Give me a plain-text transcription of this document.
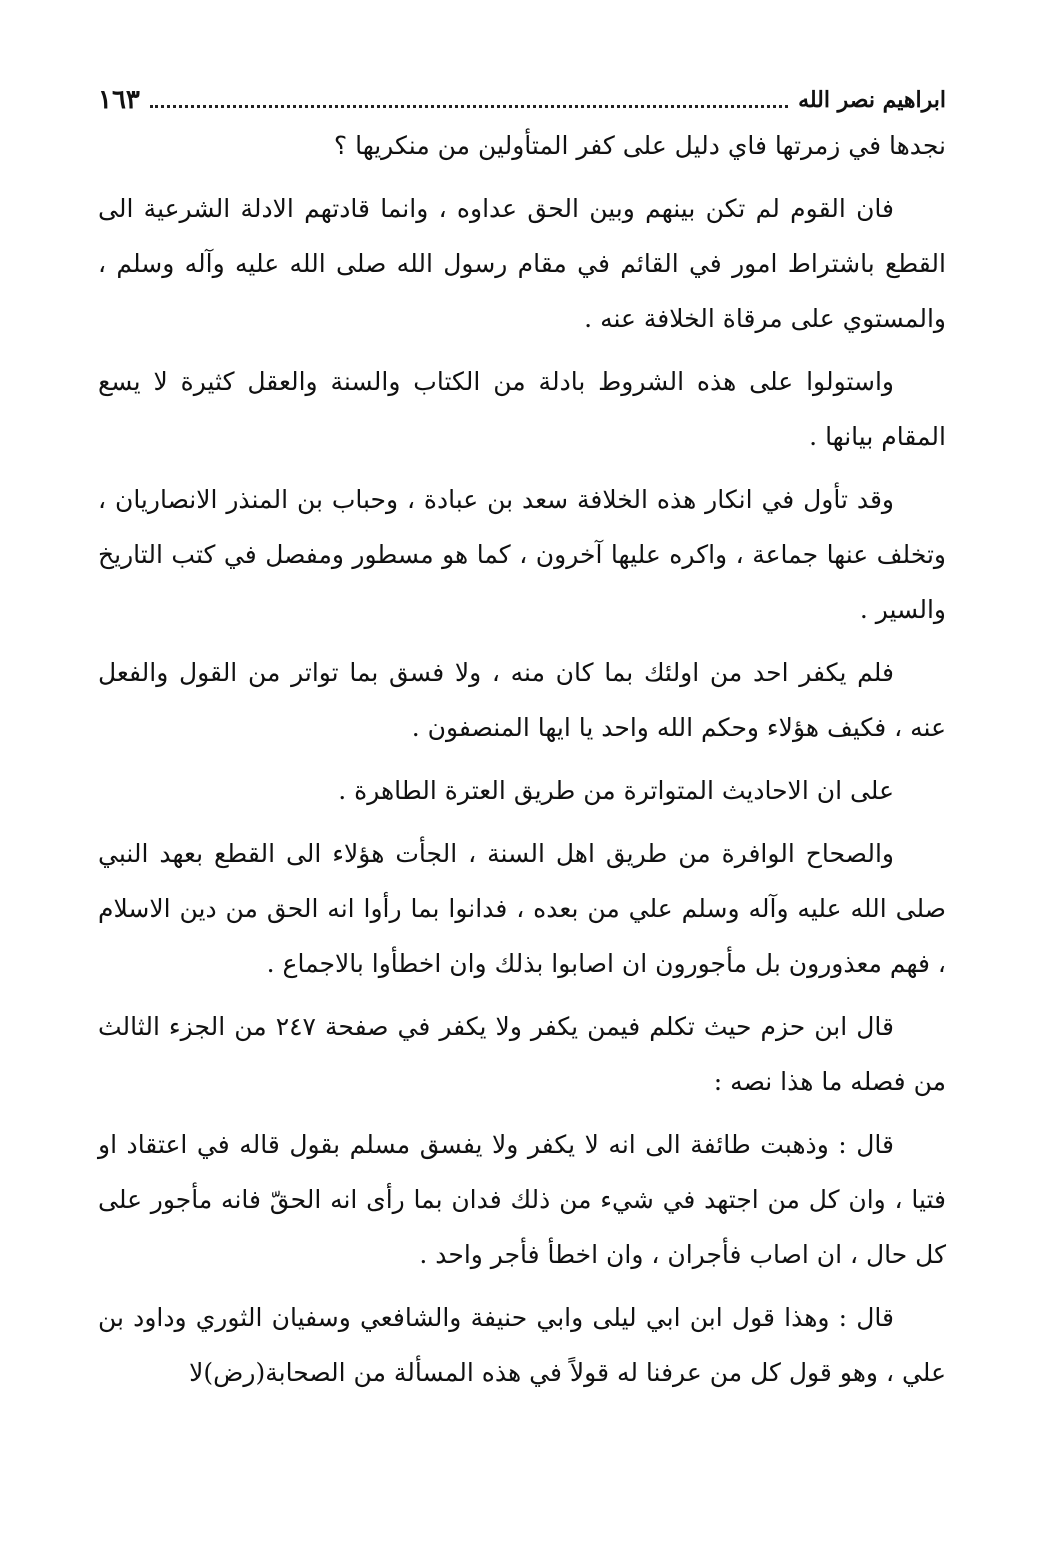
ابراهيم نصر الله
١٦٣

نجدها في زمرتها فاي دليل على كفر المتأولين من منكريها ؟

فان القوم لم تكن بينهم وبين الحق عداوه ، وانما قادتهم الادلة الشرعية الى القطع باشتراط امور في القائم في مقام رسول الله صلى الله عليه وآله وسلم ، والمستوي على مرقاة الخلافة عنه .

واستولوا على هذه الشروط بادلة من الكتاب والسنة والعقل كثيرة لا يسع المقام بيانها .

وقد تأول في انكار هذه الخلافة سعد بن عبادة ، وحباب بن المنذر الانصاريان ، وتخلف عنها جماعة ، واكره عليها آخرون ، كما هو مسطور ومفصل في كتب التاريخ والسير .

فلم يكفر احد من اولئك بما كان منه ، ولا فسق بما تواتر من القول والفعل عنه ، فكيف هؤلاء وحكم الله واحد يا ايها المنصفون .

على ان الاحاديث المتواترة من طريق العترة الطاهرة .

والصحاح الوافرة من طريق اهل السنة ، الجأت هؤلاء الى القطع بعهد النبي صلى الله عليه وآله وسلم علي من بعده ، فدانوا بما رأوا انه الحق من دين الاسلام ، فهم معذورون بل مأجورون ان اصابوا بذلك وان اخطأوا بالاجماع .

قال ابن حزم حيث تكلم فيمن يكفر ولا يكفر في صفحة ٢٤٧ من الجزء الثالث من فصله ما هذا نصه :

قال : وذهبت طائفة الى انه لا يكفر ولا يفسق مسلم بقول قاله في اعتقاد او فتيا ، وان كل من اجتهد في شيء من ذلك فدان بما رأى انه الحقّ فانه مأجور على كل حال ، ان اصاب فأجران ، وان اخطأ فأجر واحد .

قال : وهذا قول ابن ابي ليلى وابي حنيفة والشافعي وسفيان الثوري وداود بن علي ، وهو قول كل من عرفنا له قولاً في هذه المسألة من الصحابة(رض)لا
